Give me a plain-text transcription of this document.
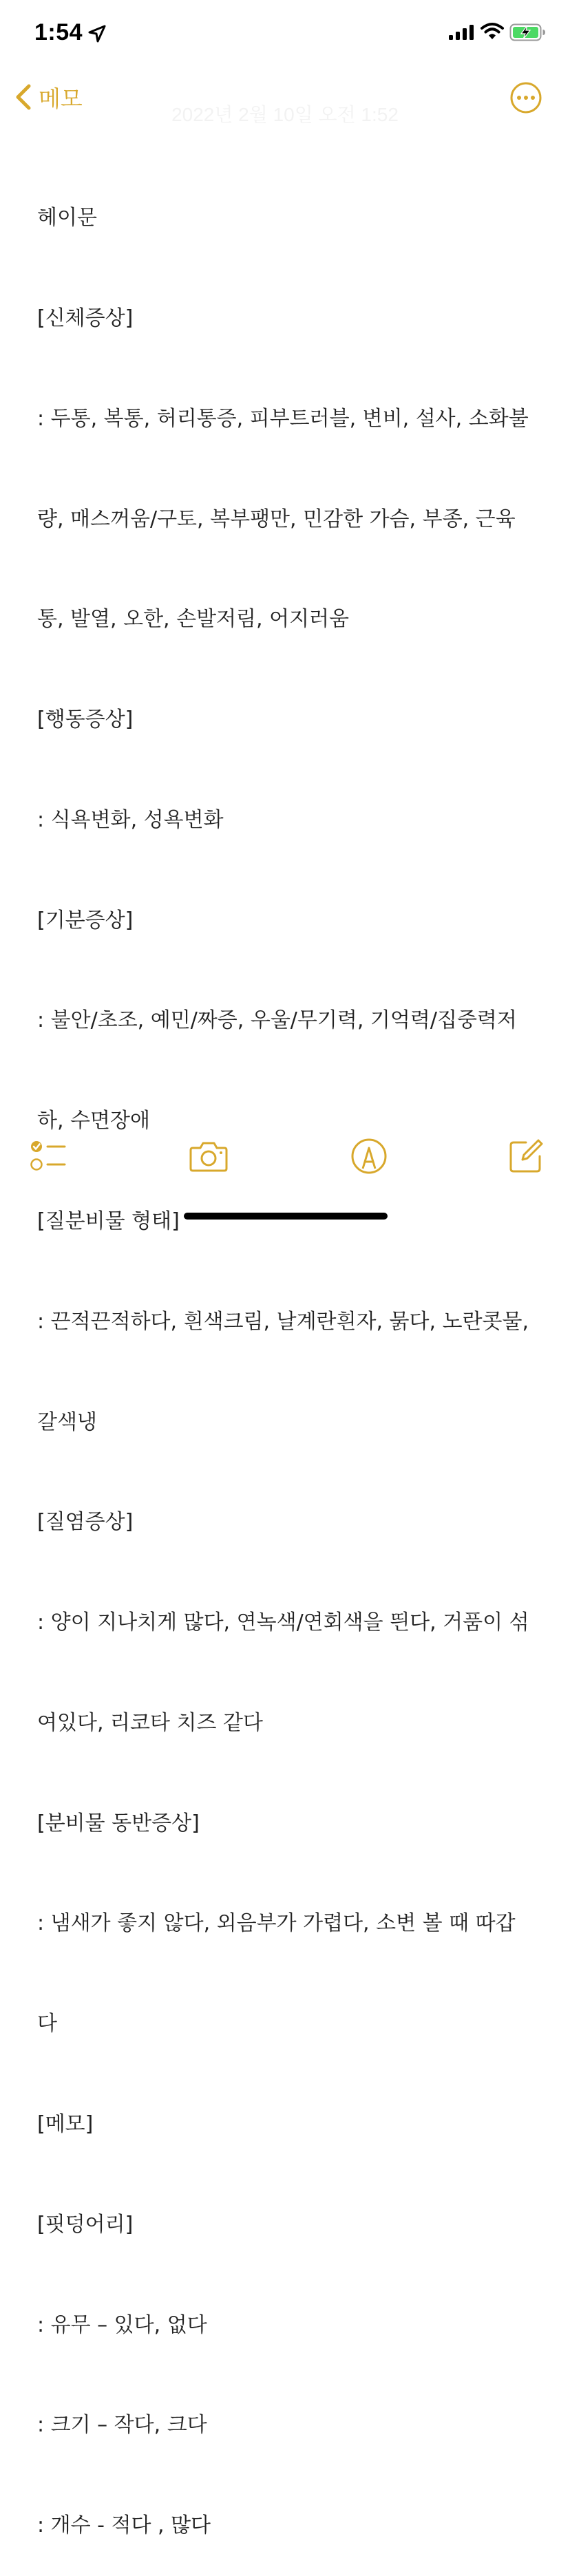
1:54
메모
2022년 2월 10일 오전 1:52

헤이문

[신체증상]

: 두통, 복통, 허리통증, 피부트러블, 변비, 설사, 소화불

량, 매스꺼움/구토, 복부팽만, 민감한 가슴, 부종, 근육

통, 발열, 오한, 손발저림, 어지러움

[행동증상]

: 식욕변화, 성욕변화

[기분증상]

: 불안/초조, 예민/짜증, 우울/무기력, 기억력/집중력저

하, 수면장애

[질분비물 형태]

: 끈적끈적하다, 흰색크림, 날계란흰자, 묽다, 노란콧물,

갈색냉

[질염증상]

: 양이 지나치게 많다, 연녹색/연회색을 띈다, 거품이 섞

여있다, 리코타 치즈 같다

[분비물 동반증상]

: 냄새가 좋지 않다, 외음부가 가렵다, 소변 볼 때 따갑

다

[메모]

[핏덩어리]

: 유무 – 있다, 없다

: 크기 – 작다, 크다

: 개수 - 적다 , 많다
